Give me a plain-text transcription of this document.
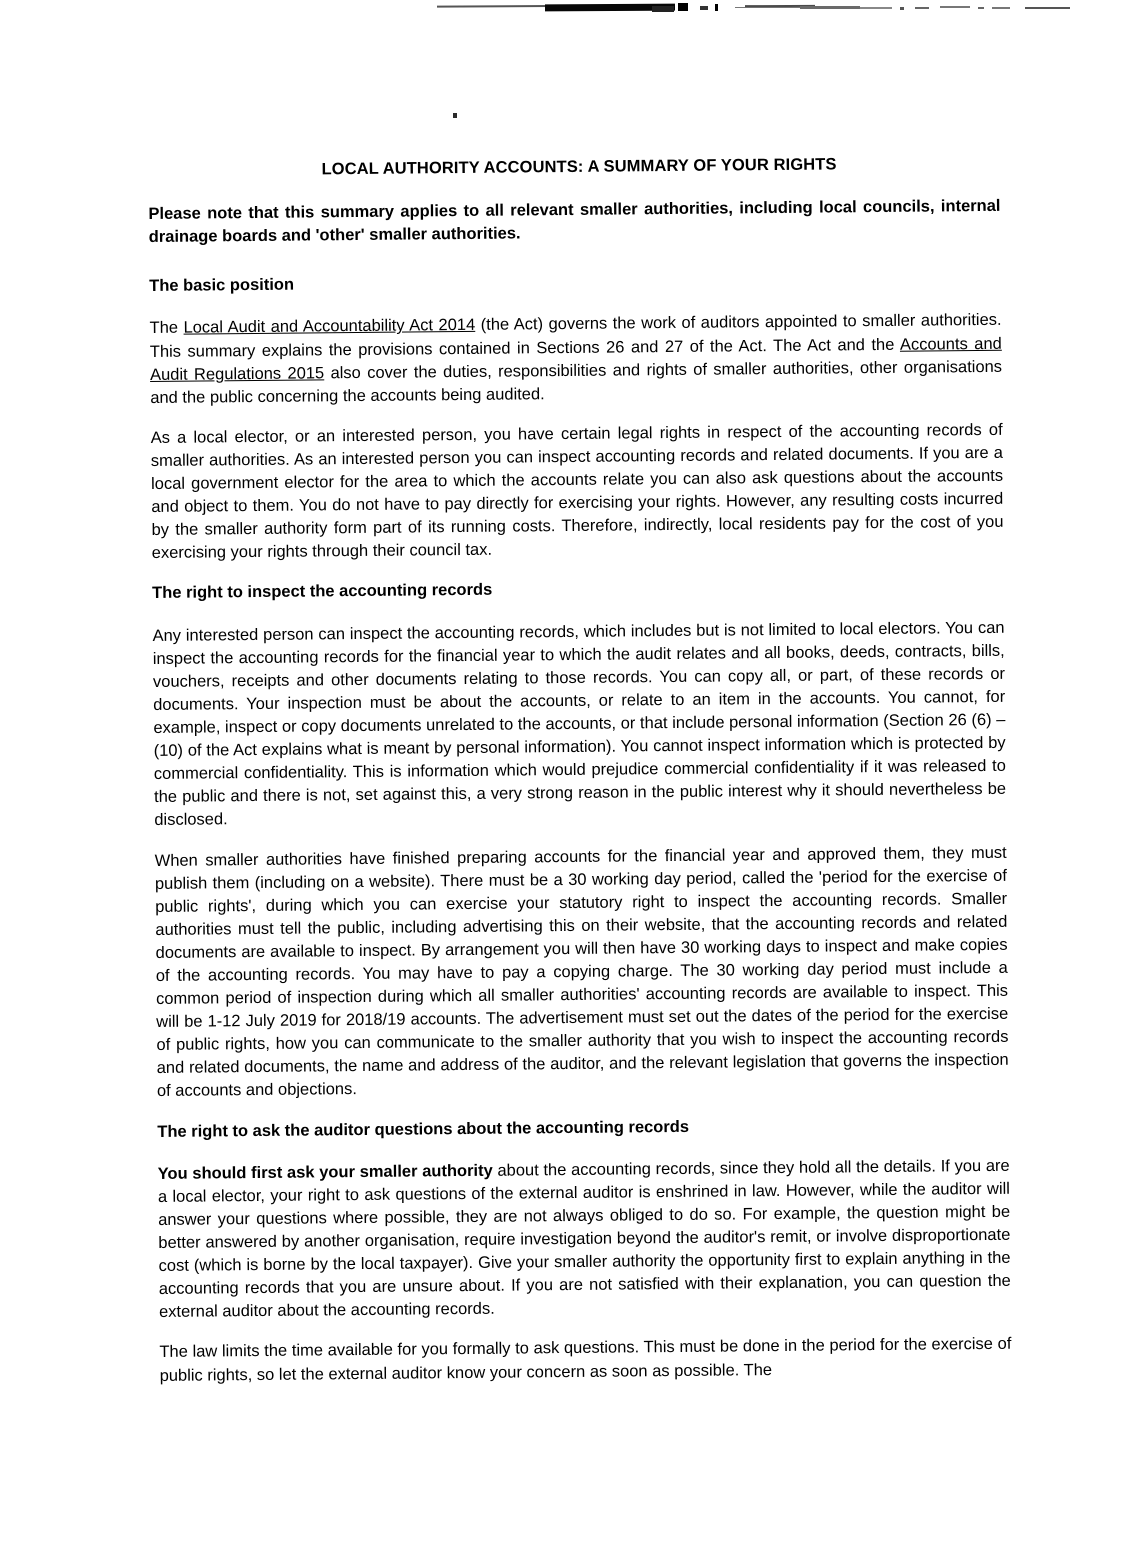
LOCAL AUTHORITY ACCOUNTS: A SUMMARY OF YOUR RIGHTS

Please note that this summary applies to all relevant smaller authorities, including local councils, internal drainage boards and 'other' smaller authorities.

The basic position

The Local Audit and Accountability Act 2014 (the Act) governs the work of auditors appointed to smaller authorities. This summary explains the provisions contained in Sections 26 and 27 of the Act. The Act and the Accounts and Audit Regulations 2015 also cover the duties, responsibilities and rights of smaller authorities, other organisations and the public concerning the accounts being audited.

As a local elector, or an interested person, you have certain legal rights in respect of the accounting records of smaller authorities. As an interested person you can inspect accounting records and related documents. If you are a local government elector for the area to which the accounts relate you can also ask questions about the accounts and object to them. You do not have to pay directly for exercising your rights. However, any resulting costs incurred by the smaller authority form part of its running costs. Therefore, indirectly, local residents pay for the cost of you exercising your rights through their council tax.

The right to inspect the accounting records

Any interested person can inspect the accounting records, which includes but is not limited to local electors. You can inspect the accounting records for the financial year to which the audit relates and all books, deeds, contracts, bills, vouchers, receipts and other documents relating to those records. You can copy all, or part, of these records or documents. Your inspection must be about the accounts, or relate to an item in the accounts. You cannot, for example, inspect or copy documents unrelated to the accounts, or that include personal information (Section 26 (6) – (10) of the Act explains what is meant by personal information). You cannot inspect information which is protected by commercial confidentiality. This is information which would prejudice commercial confidentiality if it was released to the public and there is not, set against this, a very strong reason in the public interest why it should nevertheless be disclosed.

When smaller authorities have finished preparing accounts for the financial year and approved them, they must publish them (including on a website). There must be a 30 working day period, called the 'period for the exercise of public rights', during which you can exercise your statutory right to inspect the accounting records. Smaller authorities must tell the public, including advertising this on their website, that the accounting records and related documents are available to inspect. By arrangement you will then have 30 working days to inspect and make copies of the accounting records. You may have to pay a copying charge. The 30 working day period must include a common period of inspection during which all smaller authorities' accounting records are available to inspect. This will be 1-12 July 2019 for 2018/19 accounts. The advertisement must set out the dates of the period for the exercise of public rights, how you can communicate to the smaller authority that you wish to inspect the accounting records and related documents, the name and address of the auditor, and the relevant legislation that governs the inspection of accounts and objections.

The right to ask the auditor questions about the accounting records

You should first ask your smaller authority about the accounting records, since they hold all the details. If you are a local elector, your right to ask questions of the external auditor is enshrined in law. However, while the auditor will answer your questions where possible, they are not always obliged to do so. For example, the question might be better answered by another organisation, require investigation beyond the auditor's remit, or involve disproportionate cost (which is borne by the local taxpayer). Give your smaller authority the opportunity first to explain anything in the accounting records that you are unsure about. If you are not satisfied with their explanation, you can question the external auditor about the accounting records.

The law limits the time available for you formally to ask questions. This must be done in the period for the exercise of public rights, so let the external auditor know your concern as soon as possible. The
